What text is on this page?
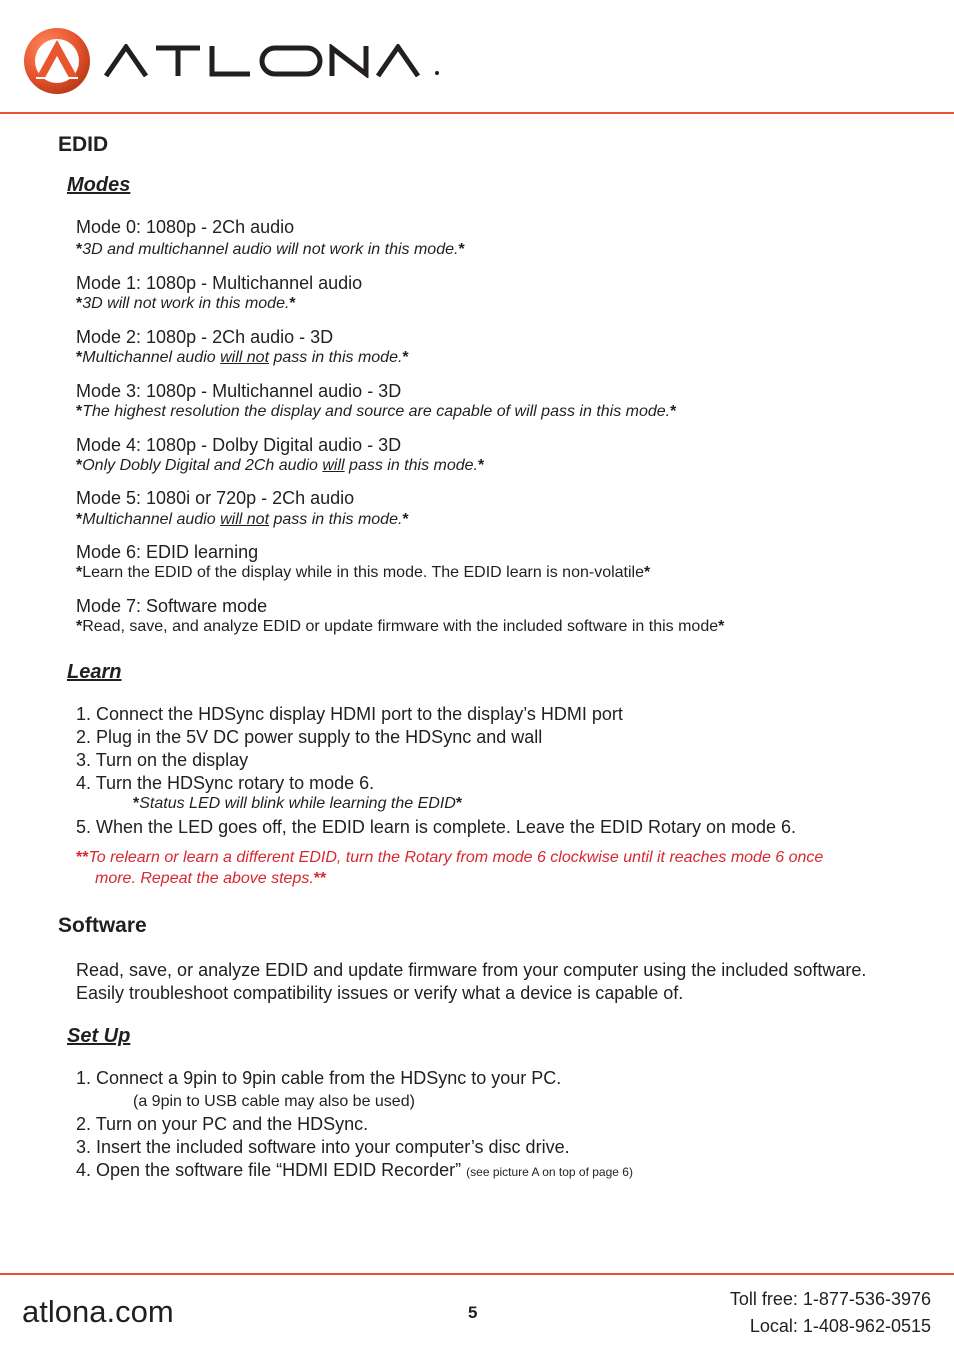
EDID
Modes
Mode 0: 1080p - 2Ch audio
*3D and multichannel audio will not work in this mode.*
Mode 1: 1080p - Multichannel audio
*3D will not work in this mode.*
Mode 2: 1080p - 2Ch audio - 3D
*Multichannel audio will not pass in this mode.*
Mode 3: 1080p - Multichannel audio - 3D
*The highest resolution the display and source are capable of will pass in this mode.*
Mode 4: 1080p - Dolby Digital audio - 3D
*Only Dobly Digital and 2Ch audio will pass in this mode.*
Mode 5: 1080i or 720p - 2Ch audio
*Multichannel audio will not pass in this mode.*
Mode 6: EDID learning
*Learn the EDID of the display while in this mode. The EDID learn is non-volatile*
Mode 7: Software mode
*Read, save, and analyze EDID or update firmware with the included software in this mode*
Learn
1. Connect the HDSync display HDMI port to the display’s HDMI port
2. Plug in the 5V DC power supply to the HDSync and wall
3. Turn on the display
4. Turn the HDSync rotary to mode 6.
*Status LED will blink while learning the EDID*
5. When the LED goes off, the EDID learn is complete. Leave the EDID Rotary on mode 6.
**To relearn or learn a different EDID, turn the Rotary from mode 6 clockwise until it reaches mode 6 once
more. Repeat the above steps.**
Software
Read, save, or analyze EDID and update firmware from your computer using the included software.
Easily troubleshoot compatibility issues or verify what a device is capable of.
Set Up
1. Connect a 9pin to 9pin cable from the HDSync to your PC.
(a 9pin to USB cable may also be used)
2. Turn on your PC and the HDSync.
3. Insert the included software into your computer’s disc drive.
4. Open the software file “HDMI EDID Recorder” (see picture A on top of page 6)
atlona.com	5
Toll free: 1-877-536-3976
Local: 1-408-962-0515
